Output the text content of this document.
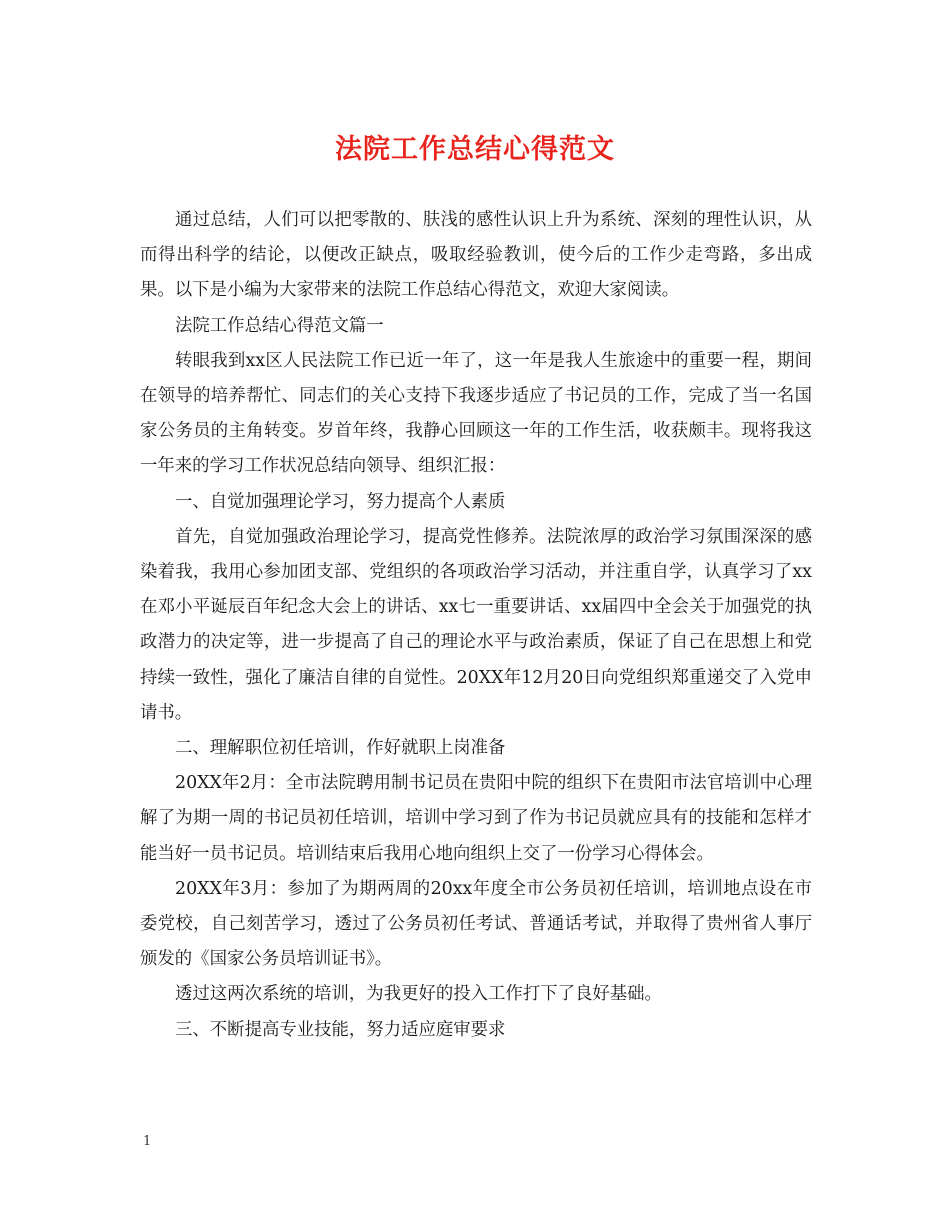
法院工作总结心得范文

通过总结，人们可以把零散的、肤浅的感性认识上升为系统、深刻的理性认识，从而得出科学的结论，以便改正缺点，吸取经验教训，使今后的工作少走弯路，多出成果。以下是小编为大家带来的法院工作总结心得范文，欢迎大家阅读。

法院工作总结心得范文篇一

转眼我到xx区人民法院工作已近一年了，这一年是我人生旅途中的重要一程，期间在领导的培养帮忙、同志们的关心支持下我逐步适应了书记员的工作，完成了当一名国家公务员的主角转变。岁首年终，我静心回顾这一年的工作生活，收获颇丰。现将我这一年来的学习工作状况总结向领导、组织汇报：

一、自觉加强理论学习，努力提高个人素质

首先，自觉加强政治理论学习，提高党性修养。法院浓厚的政治学习氛围深深的感染着我，我用心参加团支部、党组织的各项政治学习活动，并注重自学，认真学习了xx在邓小平诞辰百年纪念大会上的讲话、xx七一重要讲话、xx届四中全会关于加强党的执政潜力的决定等，进一步提高了自己的理论水平与政治素质，保证了自己在思想上和党持续一致性，强化了廉洁自律的自觉性。20XX年12月20日向党组织郑重递交了入党申请书。

二、理解职位初任培训，作好就职上岗准备

20XX年2月：全市法院聘用制书记员在贵阳中院的组织下在贵阳市法官培训中心理解了为期一周的书记员初任培训，培训中学习到了作为书记员就应具有的技能和怎样才能当好一员书记员。培训结束后我用心地向组织上交了一份学习心得体会。

20XX年3月：参加了为期两周的20xx年度全市公务员初任培训，培训地点设在市委党校，自己刻苦学习，透过了公务员初任考试、普通话考试，并取得了贵州省人事厅颁发的《国家公务员培训证书》。

透过这两次系统的培训，为我更好的投入工作打下了良好基础。

三、不断提高专业技能，努力适应庭审要求

1
